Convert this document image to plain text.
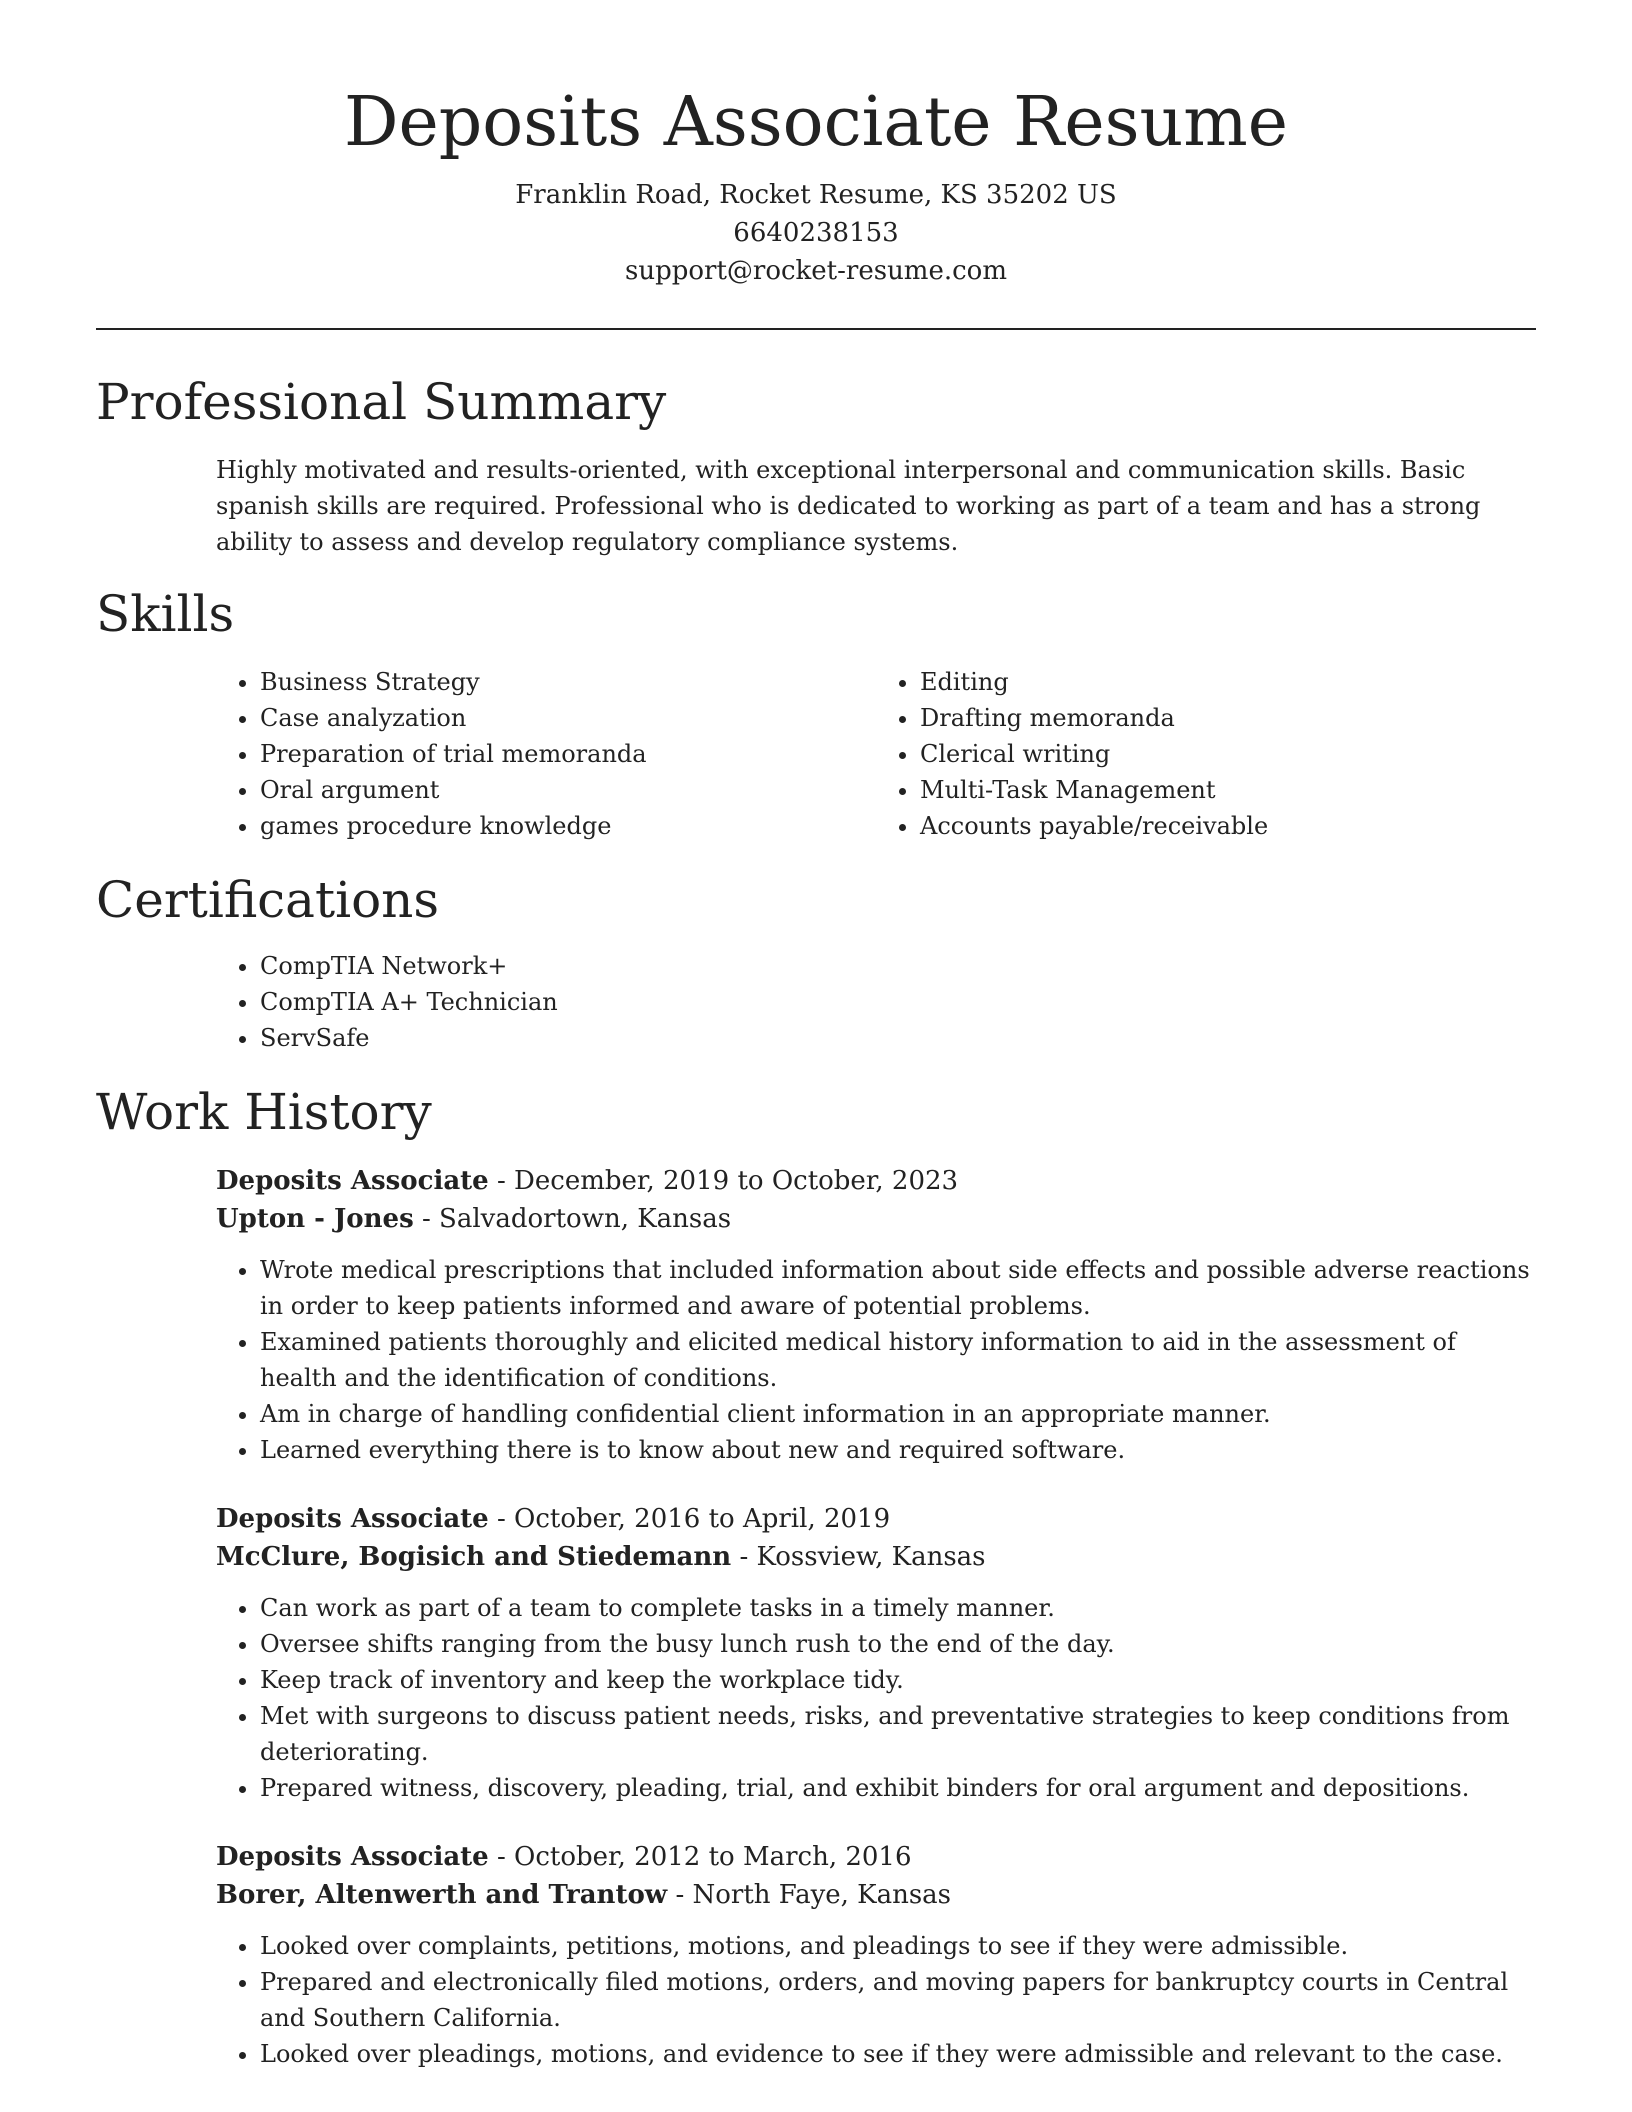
Deposits Associate Resume
Franklin Road, Rocket Resume, KS 35202 US
6640238153
support@rocket-resume.com
Professional Summary

Highly motivated and results-oriented, with exceptional interpersonal and communication skills. Basic spanish skills are required. Professional who is dedicated to working as part of a team and has a strong ability to assess and develop regulatory compliance systems.

Skills
• Business Strategy
• Case analyzation
• Preparation of trial memoranda
• Oral argument
• games procedure knowledge
• Editing
• Drafting memoranda
• Clerical writing
• Multi-Task Management
• Accounts payable/receivable
Certifications
• CompTIA Network+
• CompTIA A+ Technician
• ServSafe
Work History
Deposits Associate - December, 2019 to October, 2023
Upton - Jones - Salvadortown, Kansas
• Wrote medical prescriptions that included information about side effects and possible adverse reactions in order to keep patients informed and aware of potential problems.
• Examined patients thoroughly and elicited medical history information to aid in the assessment of health and the identification of conditions.
• Am in charge of handling confidential client information in an appropriate manner.
• Learned everything there is to know about new and required software.
Deposits Associate - October, 2016 to April, 2019
McClure, Bogisich and Stiedemann - Kossview, Kansas
• Can work as part of a team to complete tasks in a timely manner.
• Oversee shifts ranging from the busy lunch rush to the end of the day.
• Keep track of inventory and keep the workplace tidy.
• Met with surgeons to discuss patient needs, risks, and preventative strategies to keep conditions from deteriorating.
• Prepared witness, discovery, pleading, trial, and exhibit binders for oral argument and depositions.
Deposits Associate - October, 2012 to March, 2016
Borer, Altenwerth and Trantow - North Faye, Kansas
• Looked over complaints, petitions, motions, and pleadings to see if they were admissible.
• Prepared and electronically filed motions, orders, and moving papers for bankruptcy courts in Central and Southern California.
• Looked over pleadings, motions, and evidence to see if they were admissible and relevant to the case.
